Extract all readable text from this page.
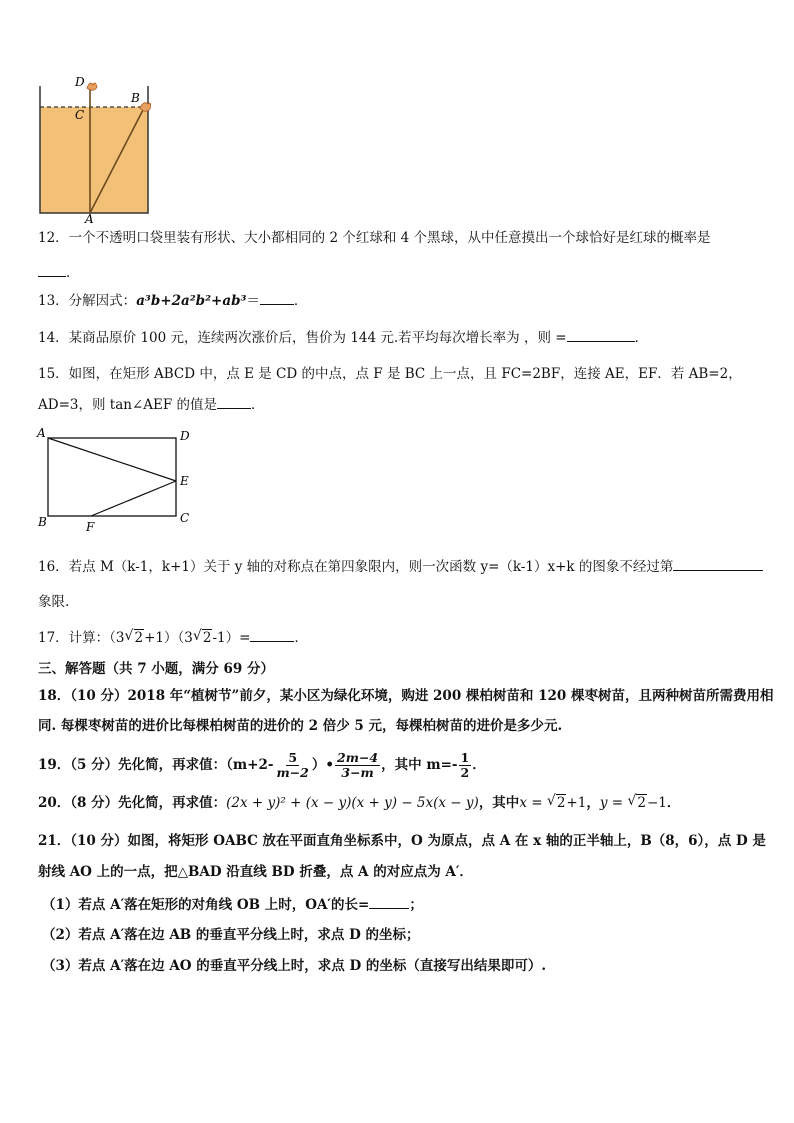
D
C
B
A
12．一个不透明口袋里装有形状、大小都相同的 2 个红球和 4 个黑球，从中任意摸出一个球恰好是红球的概率是
．
13．分解因式：a³b+2a²b²+ab³＝	．
14．某商品原价 100 元，连续两次涨价后，售价为 144 元.若平均每次增长率为 ，则 =	．
15．如图，在矩形 ABCD 中，点 E 是 CD 的中点，点 F 是 BC 上一点，且 FC=2BF，连接 AE，EF．若 AB=2，
AD=3，则 tan∠AEF 的值是	．
A	D
E
B	F
C
16．若点 M（k-1，k+1）关于 y 轴的对称点在第四象限内，则一次函数 y=（k-1）x+k 的图象不经过第
象限.
17．计算：（3 √ 2+1）（3 √ 2-1）=	．
三、解答题（共 7 小题，满分 69 分）
18．（10 分）2018 年“植树节”前夕，某小区为绿化环境，购进 200 棵柏树苗和 120 棵枣树苗，且两种树苗所需费用相
同. 每棵枣树苗的进价比每棵柏树苗的进价的 2 倍少 5 元，每棵柏树苗的进价是多少元.
19．（5 分）先化简，再求值：（$m+2- \frac{5}{m-2}$ ）• $\frac{2m-4}{3-m}$ ，其中 $m=- \frac{1}{2}$ ．
20．（8 分）先化简，再求值：(2x + y)² + (x − y)(x + y) − 5x(x − y)，其中x = √ 2+1，y = √ 2−1．
21．（10 分）如图，将矩形 OABC 放在平面直角坐标系中，O 为原点，点 A 在 x 轴的正半轴上，B（8，6），点 D 是
射线 AO 上的一点，把△BAD 沿直线 BD 折叠，点 A 的对应点为 A′．
（1）若点 A′落在矩形的对角线 OB 上时，OA′的长=	；
（2）若点 A′落在边 AB 的垂直平分线上时，求点 D 的坐标；
（3）若点 A′落在边 AO 的垂直平分线上时，求点 D 的坐标（直接写出结果即可）.
